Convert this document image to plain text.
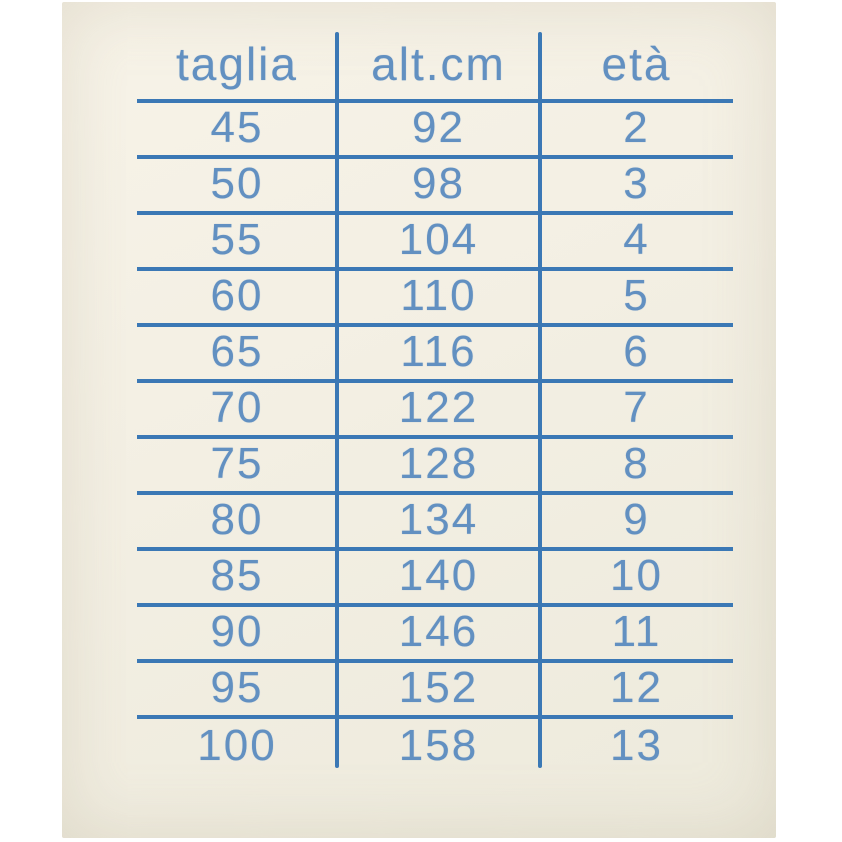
taglia	alt.cm	età
45	92	2
50	98	3
55	104	4
60	110	5
65	116	6
70	122	7
75	128	8
80	134	9
85	140	10
90	146	11
95	152	12
100	158	13
